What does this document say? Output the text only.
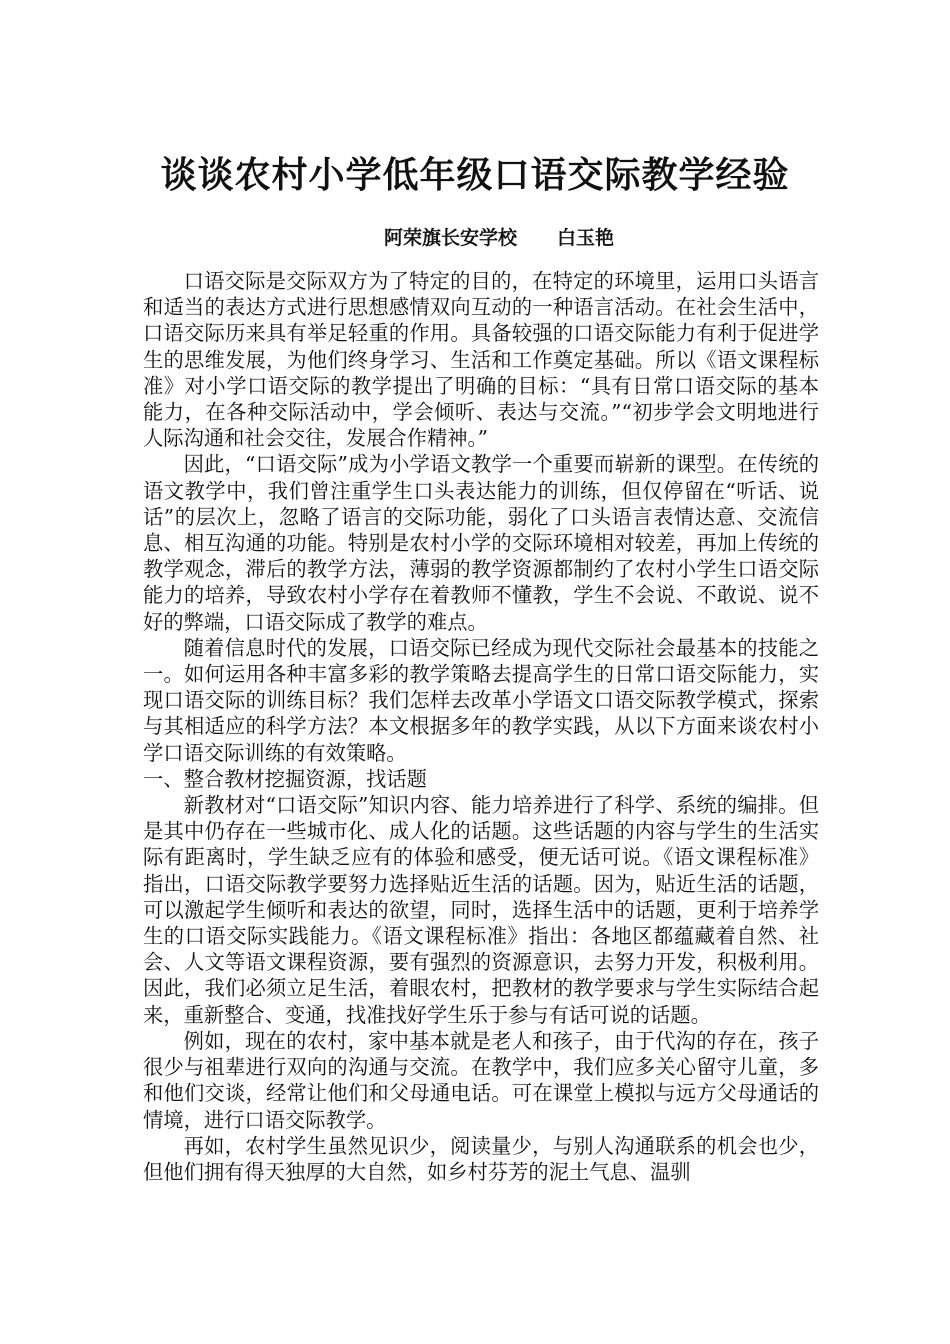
谈谈农村小学低年级口语交际教学经验
阿荣旗长安学校 白玉艳

口语交际是交际双方为了特定的目的，在特定的环境里，运用口头语言和适当的表达方式进行思想感情双向互动的一种语言活动。在社会生活中，口语交际历来具有举足轻重的作用。具备较强的口语交际能力有利于促进学生的思维发展，为他们终身学习、生活和工作奠定基础。所以《语文课程标准》对小学口语交际的教学提出了明确的目标：“具有日常口语交际的基本能力，在各种交际活动中，学会倾听、表达与交流。”“初步学会文明地进行人际沟通和社会交往，发展合作精神。”

因此，“口语交际”成为小学语文教学一个重要而崭新的课型。在传统的语文教学中，我们曾注重学生口头表达能力的训练，但仅停留在“听话、说话”的层次上，忽略了语言的交际功能，弱化了口头语言表情达意、交流信息、相互沟通的功能。特别是农村小学的交际环境相对较差，再加上传统的教学观念，滞后的教学方法，薄弱的教学资源都制约了农村小学生口语交际能力的培养，导致农村小学存在着教师不懂教，学生不会说、不敢说、说不好的弊端，口语交际成了教学的难点。

随着信息时代的发展，口语交际已经成为现代交际社会最基本的技能之一。如何运用各种丰富多彩的教学策略去提高学生的日常口语交际能力，实现口语交际的训练目标？我们怎样去改革小学语文口语交际教学模式，探索与其相适应的科学方法？本文根据多年的教学实践，从以下方面来谈农村小学口语交际训练的有效策略。

一、整合教材挖掘资源，找话题

新教材对“口语交际”知识内容、能力培养进行了科学、系统的编排。但是其中仍存在一些城市化、成人化的话题。这些话题的内容与学生的生活实际有距离时，学生缺乏应有的体验和感受，便无话可说。《语文课程标准》指出，口语交际教学要努力选择贴近生活的话题。因为，贴近生活的话题，可以激起学生倾听和表达的欲望，同时，选择生活中的话题，更利于培养学生的口语交际实践能力。《语文课程标准》指出：各地区都蕴藏着自然、社会、人文等语文课程资源，要有强烈的资源意识，去努力开发，积极利用。因此，我们必须立足生活，着眼农村，把教材的教学要求与学生实际结合起来，重新整合、变通，找准找好学生乐于参与有话可说的话题。

例如，现在的农村，家中基本就是老人和孩子，由于代沟的存在，孩子很少与祖辈进行双向的沟通与交流。在教学中，我们应多关心留守儿童，多和他们交谈，经常让他们和父母通电话。可在课堂上模拟与远方父母通话的情境，进行口语交际教学。

再如，农村学生虽然见识少，阅读量少，与别人沟通联系的机会也少，但他们拥有得天独厚的大自然，如乡村芬芳的泥土气息、温驯
